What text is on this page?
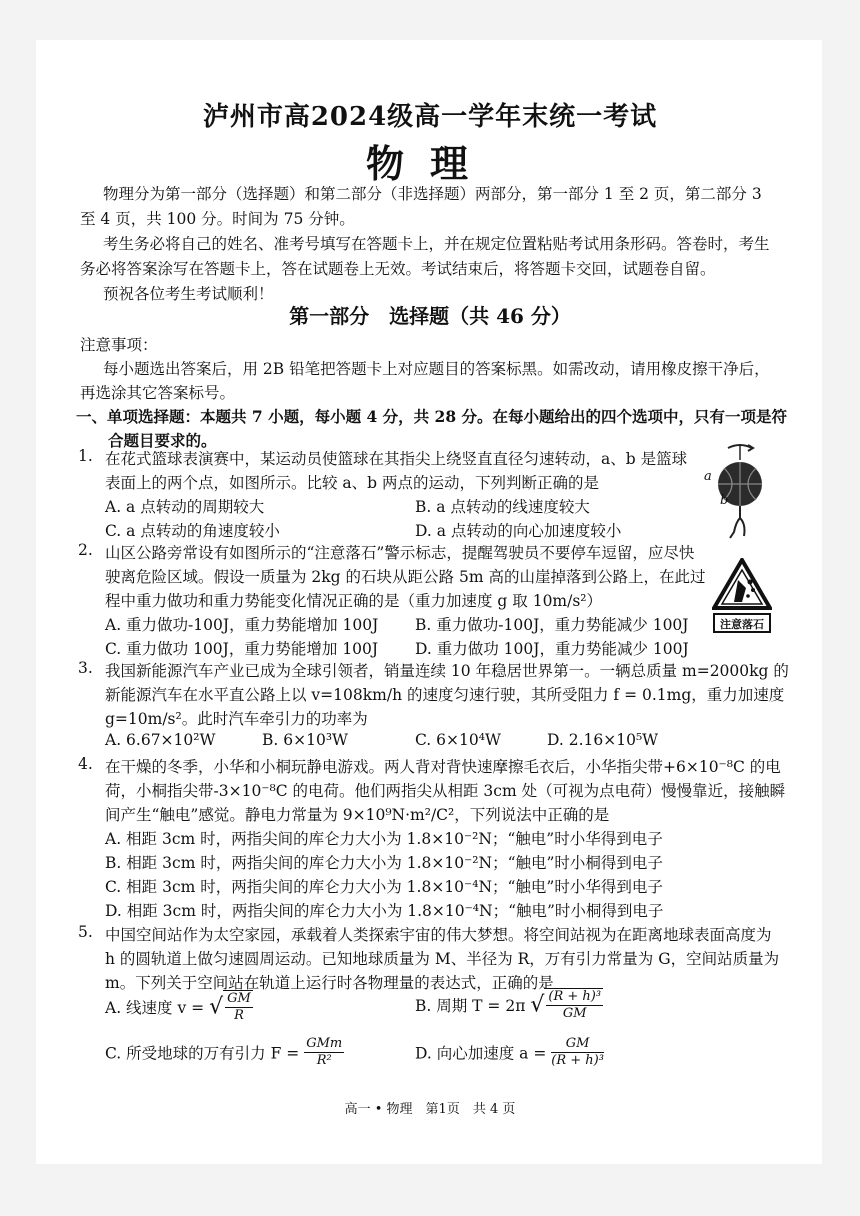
泸州市高2024级高一学年末统一考试
物理
物理分为第一部分（选择题）和第二部分（非选择题）两部分，第一部分 1 至 2 页，第二部分 3
至 4 页，共 100 分。时间为 75 分钟。
考生务必将自己的姓名、准考号填写在答题卡上，并在规定位置粘贴考试用条形码。答卷时，考生
务必将答案涂写在答题卡上，答在试题卷上无效。考试结束后，将答题卡交回，试题卷自留。
预祝各位考生考试顺利！
第一部分　选择题（共 46 分）
注意事项：
每小题选出答案后，用 2B 铅笔把答题卡上对应题目的答案标黑。如需改动，请用橡皮擦干净后，
再选涂其它答案标号。
一、单项选择题：本题共 7 小题，每小题 4 分，共 28 分。在每小题给出的四个选项中，只有一项是符
合题目要求的。
1. 在花式篮球表演赛中，某运动员使篮球在其指尖上绕竖直直径匀速转动，a、b 是篮球
表面上的两个点，如图所示。比较 a、b 两点的运动，下列判断正确的是
A. a 点转动的周期较大	B. a 点转动的线速度较大
C. a 点转动的角速度较小	D. a 点转动的向心加速度较小
a
b
2. 山区公路旁常设有如图所示的“注意落石”警示标志，提醒驾驶员不要停车逗留，应尽快
驶离危险区域。假设一质量为 2kg 的石块从距公路 5m 高的山崖掉落到公路上，在此过
程中重力做功和重力势能变化情况正确的是（重力加速度 g 取 10m/s²）
A. 重力做功-100J，重力势能增加 100J B. 重力做功-100J，重力势能减少 100J
C. 重力做功 100J，重力势能增加 100J D. 重力做功 100J，重力势能减少 100J
注意落石
3. 我国新能源汽车产业已成为全球引领者，销量连续 10 年稳居世界第一。一辆总质量 m=2000kg 的
新能源汽车在水平直公路上以 v=108km/h 的速度匀速行驶，其所受阻力 f = 0.1mg，重力加速度
g=10m/s²。此时汽车牵引力的功率为
A. 6.67×10²W	B. 6×10³W	C. 6×10⁴W	D. 2.16×10⁵W
4. 在干燥的冬季，小华和小桐玩静电游戏。两人背对背快速摩擦毛衣后，小华指尖带+6×10⁻⁸C 的电
荷，小桐指尖带-3×10⁻⁸C 的电荷。他们两指尖从相距 3cm 处（可视为点电荷）慢慢靠近，接触瞬
间产生“触电”感觉。静电力常量为 9×10⁹N·m²/C²，下列说法中正确的是
A. 相距 3cm 时，两指尖间的库仑力大小为 1.8×10⁻²N；“触电”时小华得到电子
B. 相距 3cm 时，两指尖间的库仑力大小为 1.8×10⁻²N；“触电”时小桐得到电子
C. 相距 3cm 时，两指尖间的库仑力大小为 1.8×10⁻⁴N；“触电”时小华得到电子
D. 相距 3cm 时，两指尖间的库仑力大小为 1.8×10⁻⁴N；“触电”时小桐得到电子
5. 中国空间站作为太空家园，承载着人类探索宇宙的伟大梦想。将空间站视为在距离地球表面高度为
h 的圆轨道上做匀速圆周运动。已知地球质量为 M、半径为 R，万有引力常量为 G，空间站质量为
m。下列关于空间站在轨道上运行时各物理量的表达式，正确的是
A. 线速度 v = √ $\frac{GM}{R}$	B. 周期 T = 2π √ $\frac{\text{(R + h)³}}{GM}$
C. 所受地球的万有引力 $F = \frac{\text{GMm}}{\text{R²}}$	D. 向心加速度 $a = \frac{GM}{\text{(R + h)³}}$
高一 • 物理　第1页　共 4 页
